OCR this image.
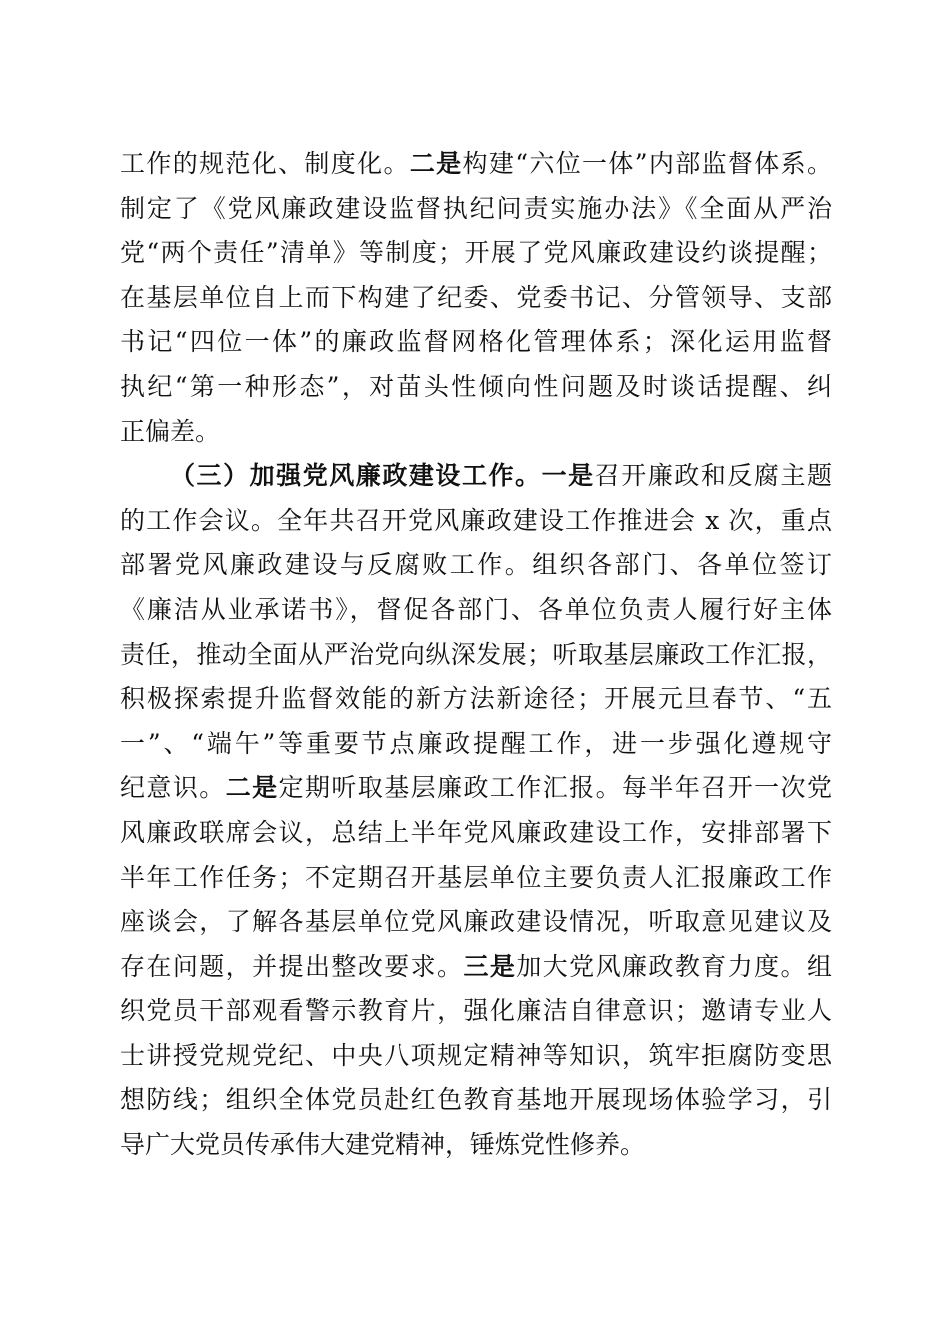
工作的规范化、制度化。二是构建“六位一体”内部监督体系。
制定了《党风廉政建设监督执纪问责实施办法》《全面从严治
党“两个责任”清单》等制度；开展了党风廉政建设约谈提醒；
在基层单位自上而下构建了纪委、党委书记、分管领导、支部
书记“四位一体”的廉政监督网格化管理体系；深化运用监督
执纪“第一种形态”，对苗头性倾向性问题及时谈话提醒、纠
正偏差。
（三）加强党风廉政建设工作。一是召开廉政和反腐主题
的工作会议。全年共召开党风廉政建设工作推进会 x 次，重点
部署党风廉政建设与反腐败工作。组织各部门、各单位签订
《廉洁从业承诺书》，督促各部门、各单位负责人履行好主体
责任，推动全面从严治党向纵深发展；听取基层廉政工作汇报，
积极探索提升监督效能的新方法新途径；开展元旦春节、“五
一”、“端午”等重要节点廉政提醒工作，进一步强化遵规守
纪意识。二是定期听取基层廉政工作汇报。每半年召开一次党
风廉政联席会议，总结上半年党风廉政建设工作，安排部署下
半年工作任务；不定期召开基层单位主要负责人汇报廉政工作
座谈会，了解各基层单位党风廉政建设情况，听取意见建议及
存在问题，并提出整改要求。三是加大党风廉政教育力度。组
织党员干部观看警示教育片，强化廉洁自律意识；邀请专业人
士讲授党规党纪、中央八项规定精神等知识，筑牢拒腐防变思
想防线；组织全体党员赴红色教育基地开展现场体验学习，引
导广大党员传承伟大建党精神，锤炼党性修养。
